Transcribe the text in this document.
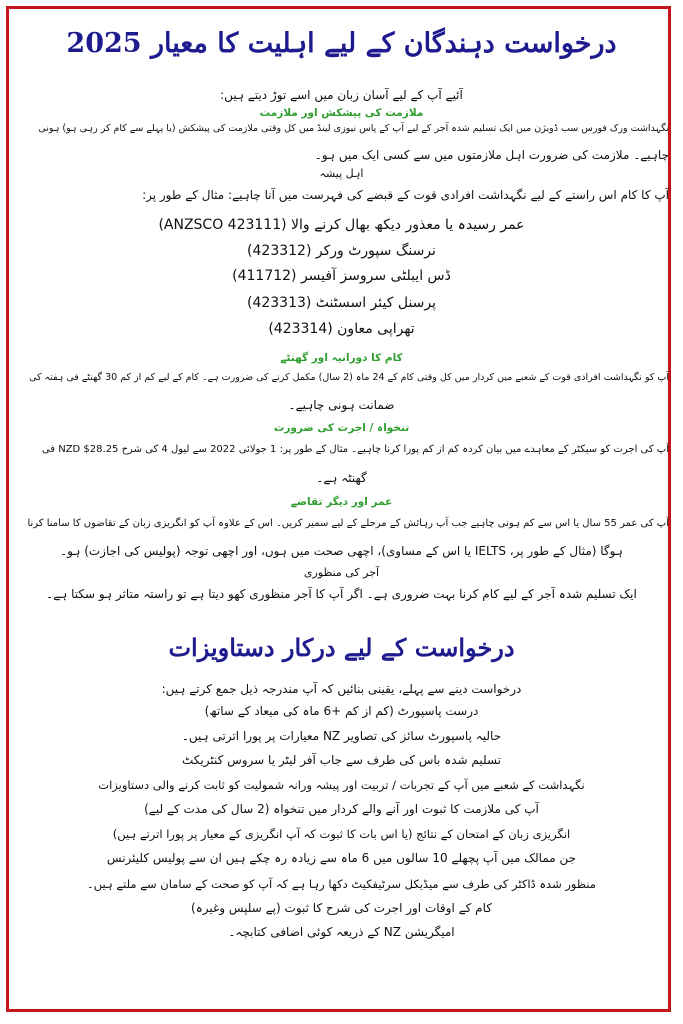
درخواست دہندگان کے لیے اہلیت کا معیار 2025

آئیے آپ کے لیے آسان زبان میں اسے توڑ دیتے ہیں:

ملازمت کی پیشکش اور ملازمت

نگہداشت ورک فورس سب ڈویژن میں ایک تسلیم شدہ آجر کے لیے آپ کے پاس نیوزی لینڈ میں کل وقتی ملازمت کی پیشکش (یا پہلے سے کام کر رہی ہو) ہونی

چاہیے۔ ملازمت کی ضرورت اہل ملازمتوں میں سے کسی ایک میں ہو۔

اہل پیشہ

آپ کا کام اس راستے کے لیے نگہداشت افرادی قوت کے قبضے کی فہرست میں آنا چاہیے: مثال کے طور پر:

عمر رسیدہ یا معذور دیکھ بھال کرنے والا (ANZSCO 423111)

نرسنگ سپورٹ ورکر (423312)

ڈس ایبلٹی سروسز آفیسر (411712)

پرسنل کیئر اسسٹنٹ (423313)

تھراپی معاون (423314)

کام کا دورانیہ اور گھنٹے

آپ کو نگہداشت افرادی قوت کے شعبے میں کردار میں کل وقتی کام کے 24 ماہ (2 سال) مکمل کرنے کی ضرورت ہے۔ کام کے لیے کم از کم 30 گھنٹے فی ہفتہ کی

ضمانت ہونی چاہیے۔

تنخواہ / اجرت کی ضرورت

آپ کی اجرت کو سیکٹر کے معاہدے میں بیان کردہ کم از کم پورا کرنا چاہیے۔ مثال کے طور پر: 1 جولائی 2022 سے لیول 4 کی شرح NZD $28.25 فی

گھنٹہ ہے۔

عمر اور دیگر تقاضے

آپ کی عمر 55 سال یا اس سے کم ہونی چاہیے جب آپ رہائش کے مرحلے کے لیے سمیر کریں۔ اس کے علاوہ آپ کو انگریزی زبان کے تقاضوں کا سامنا کرنا

ہوگا (مثال کے طور پر، IELTS یا اس کے مساوی)، اچھی صحت میں ہوں، اور اچھی توجہ (پولیس کی اجازت) ہو۔

آجر کی منظوری

ایک تسلیم شدہ آجر کے لیے کام کرنا بہت ضروری ہے۔ اگر آپ کا آجر منظوری کھو دیتا ہے تو راستہ متاثر ہو سکتا ہے۔

درخواست کے لیے درکار دستاویزات

درخواست دینے سے پہلے، یقینی بنائیں کہ آپ مندرجہ ذیل جمع کرتے ہیں:

درست پاسپورٹ (کم از کم +6 ماہ کی میعاد کے ساتھ)

حالیہ پاسپورٹ سائز کی تصاویر NZ معیارات پر پورا اترتی ہیں۔

تسلیم شدہ باس کی طرف سے جاب آفر لیٹر یا سروس کنٹریکٹ

نگہداشت کے شعبے میں آپ کے تجربات / تربیت اور پیشہ ورانہ شمولیت کو ثابت کرنے والی دستاویزات

آپ کی ملازمت کا ثبوت اور آنے والے کردار میں تنخواہ (2 سال کی مدت کے لیے)

انگریزی زبان کے امتحان کے نتائج (یا اس بات کا ثبوت کہ آپ انگریزی کے معیار پر پورا اترتے ہیں)

جن ممالک میں آپ پچھلے 10 سالوں میں 6 ماہ سے زیادہ رہ چکے ہیں ان سے پولیس کلیئرنس

منظور شدہ ڈاکٹر کی طرف سے میڈیکل سرٹیفکیٹ دکھا رہا ہے کہ آپ کو صحت کے سامان سے ملتے ہیں۔

کام کے اوقات اور اجرت کی شرح کا ثبوت (پے سلپس وغیرہ)

امیگریشن NZ کے ذریعہ کوئی اضافی کتابچہ۔
